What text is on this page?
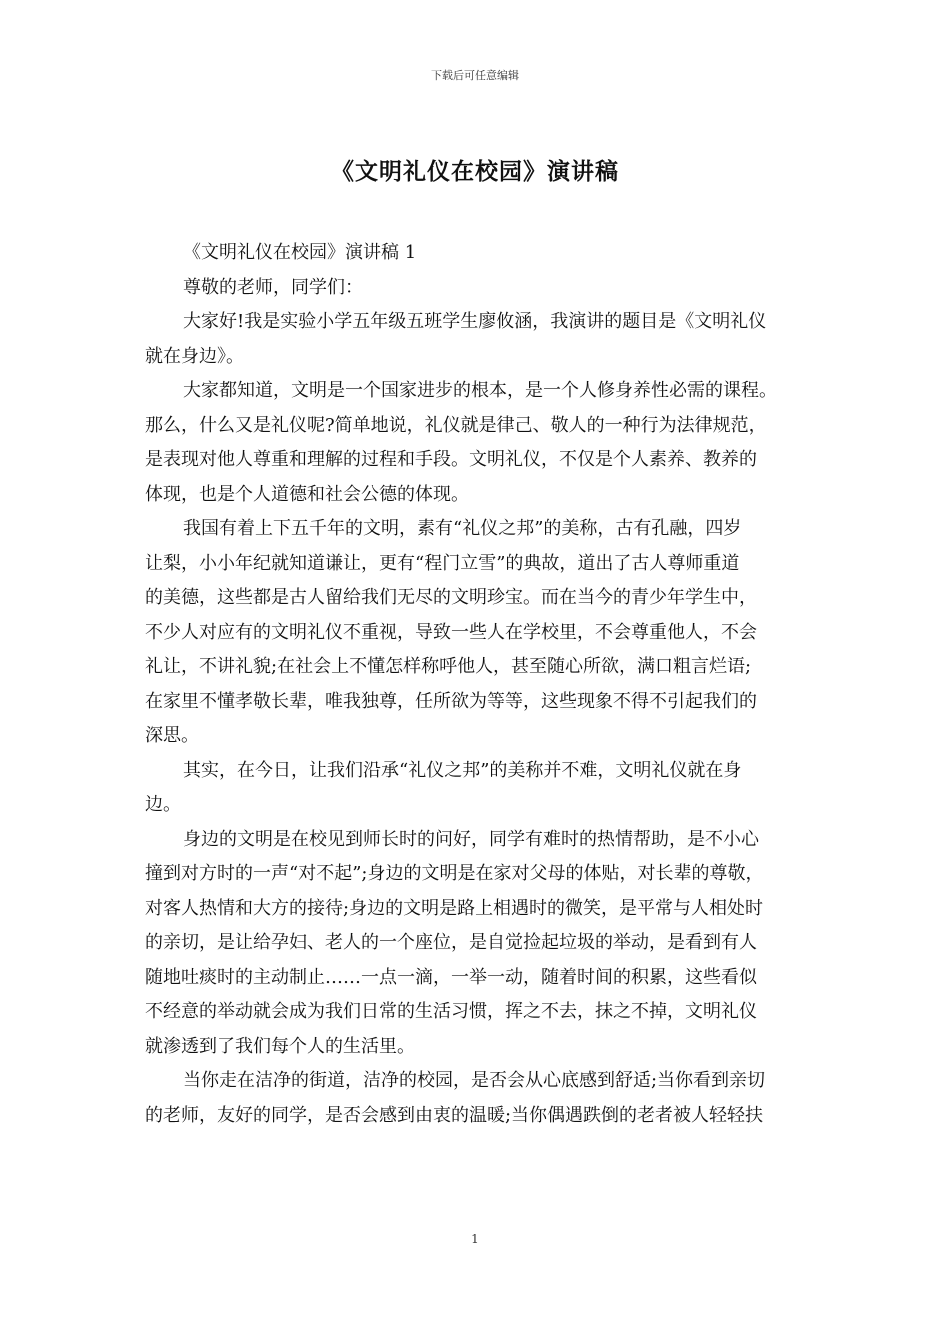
下载后可任意编辑
《文明礼仪在校园》演讲稿
《文明礼仪在校园》演讲稿 1
尊敬的老师，同学们：
大家好!我是实验小学五年级五班学生廖攸涵，我演讲的题目是《文明礼仪
就在身边》。
大家都知道，文明是一个国家进步的根本，是一个人修身养性必需的课程。
那么，什么又是礼仪呢?简单地说，礼仪就是律己、敬人的一种行为法律规范，
是表现对他人尊重和理解的过程和手段。文明礼仪，不仅是个人素养、教养的
体现，也是个人道德和社会公德的体现。
我国有着上下五千年的文明，素有“礼仪之邦”的美称，古有孔融，四岁
让梨，小小年纪就知道谦让，更有“程门立雪”的典故，道出了古人尊师重道
的美德，这些都是古人留给我们无尽的文明珍宝。而在当今的青少年学生中，
不少人对应有的文明礼仪不重视，导致一些人在学校里，不会尊重他人，不会
礼让，不讲礼貌;在社会上不懂怎样称呼他人，甚至随心所欲，满口粗言烂语;
在家里不懂孝敬长辈，唯我独尊，任所欲为等等，这些现象不得不引起我们的
深思。
其实，在今日，让我们沿承“礼仪之邦”的美称并不难，文明礼仪就在身
边。
身边的文明是在校见到师长时的问好，同学有难时的热情帮助，是不小心
撞到对方时的一声“对不起”;身边的文明是在家对父母的体贴，对长辈的尊敬，
对客人热情和大方的接待;身边的文明是路上相遇时的微笑，是平常与人相处时
的亲切，是让给孕妇、老人的一个座位，是自觉捡起垃圾的举动，是看到有人
随地吐痰时的主动制止……一点一滴，一举一动，随着时间的积累，这些看似
不经意的举动就会成为我们日常的生活习惯，挥之不去，抹之不掉，文明礼仪
就渗透到了我们每个人的生活里。
当你走在洁净的街道，洁净的校园，是否会从心底感到舒适;当你看到亲切
的老师，友好的同学，是否会感到由衷的温暖;当你偶遇跌倒的老者被人轻轻扶
1
